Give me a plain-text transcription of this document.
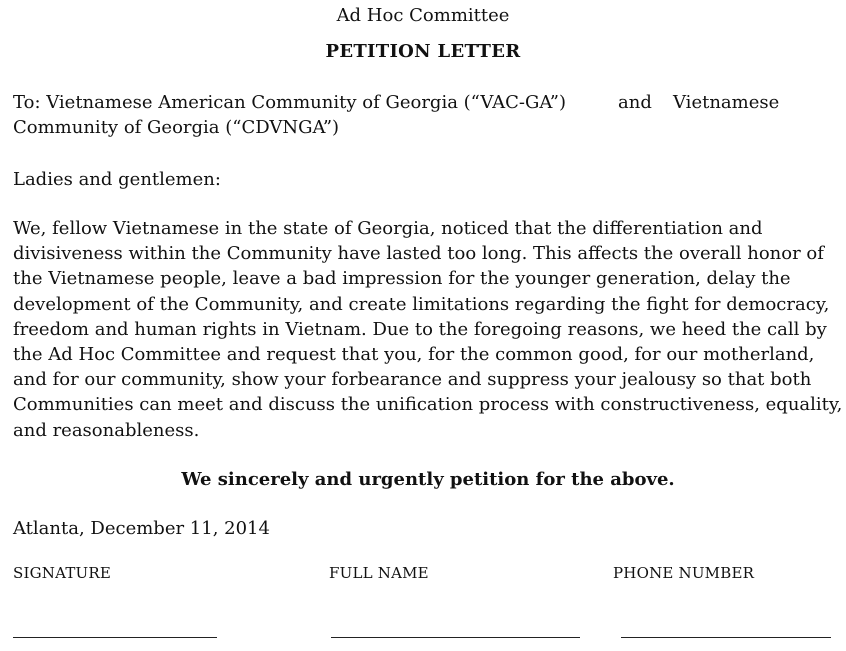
Ad Hoc Committee
PETITION LETTER
To: Vietnamese American Community of Georgia (“VAC-GA”)	and Vietnamese
Community of Georgia (“CDVNGA”)
Ladies and gentlemen:
We, fellow Vietnamese in the state of Georgia, noticed that the differentiation and
divisiveness within the Community have lasted too long. This affects the overall honor of
the Vietnamese people, leave a bad impression for the younger generation, delay the
development of the Community, and create limitations regarding the fight for democracy,
freedom and human rights in Vietnam. Due to the foregoing reasons, we heed the call by
the Ad Hoc Committee and request that you, for the common good, for our motherland,
and for our community, show your forbearance and suppress your jealousy so that both
Communities can meet and discuss the unification process with constructiveness, equality,
and reasonableness.
We sincerely and urgently petition for the above.
Atlanta, December 11, 2014
SIGNATURE	FULL NAME	PHONE NUMBER
